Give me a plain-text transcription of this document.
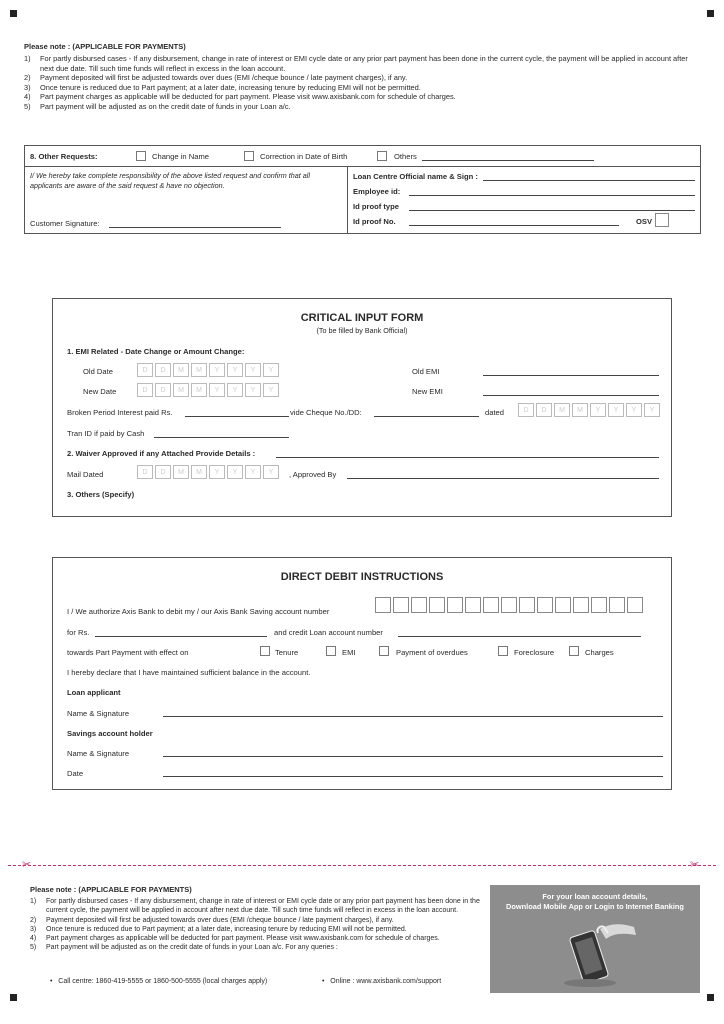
Please note : (APPLICABLE FOR PAYMENTS)
1) For partly disbursed cases - If any disbursement, change in rate of interest or EMI cycle date or any prior part payment has been done in the current cycle, the payment will be applied in account after next due date. Till such time funds will reflect in excess in the loan account.
2) Payment deposited will first be adjusted towards over dues (EMI /cheque bounce / late payment charges), if any.
3) Once tenure is reduced due to Part payment; at a later date, increasing tenure by reducing EMI will not be permitted.
4) Part payment charges as applicable will be deducted for part payment. Please visit www.axisbank.com for schedule of charges.
5) Part payment will be adjusted as on the credit date of funds in your Loan a/c.
8. Other Requests:	Change in Name	Correction in Date of Birth	Others
I/ We hereby take complete responsibility of the above listed request and confirm that all applicants are aware of the said request & have no objection.
Customer Signature:
Loan Centre Official name & Sign :
Employee id:
Id proof type
Id proof No.	OSV
CRITICAL INPUT FORM
(To be filled by Bank Official)
1. EMI Related - Date Change or Amount Change:
Old Date	D	D	M	M	Y	Y	Y	Y	Old EMI
New Date	D	D	M	M	Y	Y	Y	Y	New EMI
Broken Period Interest paid Rs.	vide Cheque No./DD:	dated	D	D	M	M	Y	Y	Y	Y
Tran ID if paid by Cash
2. Waiver Approved if any Attached Provide Details :
Mail Dated	D	D	M	M	Y	Y	Y	Y	, Approved By
3. Others (Specify)
DIRECT DEBIT INSTRUCTIONS
I / We authorize Axis Bank to debit my / our Axis Bank Saving account number
for Rs.	and credit Loan account number
towards Part Payment with effect on	Tenure	EMI	Payment of overdues	Foreclosure	Charges
I hereby declare that I have maintained sufficient balance in the account.
Loan applicant
Name & Signature
Savings account holder
Name & Signature
Date
✂	✂
Please note : (APPLICABLE FOR PAYMENTS)
1) For partly disbursed cases - If any disbursement, change in rate of interest or EMI cycle date or any prior part payment has been done in the current cycle, the payment will be applied in account after next due date. Till such time funds will reflect in excess in the loan account.
2) Payment deposited will first be adjusted towards over dues (EMI /cheque bounce / late payment charges), if any.
3) Once tenure is reduced due to Part payment; at a later date, increasing tenure by reducing EMI will not be permitted.
4) Part payment charges as applicable will be deducted for part payment. Please visit www.axisbank.com for schedule of charges.
5) Part payment will be adjusted as on the credit date of funds in your Loan a/c. For any queries :
•   Call centre: 1860-419-5555 or 1860-500-5555 (local charges apply)	•   Online : www.axisbank.com/support
For your loan account details,
Download Mobile App or Login to Internet Banking
